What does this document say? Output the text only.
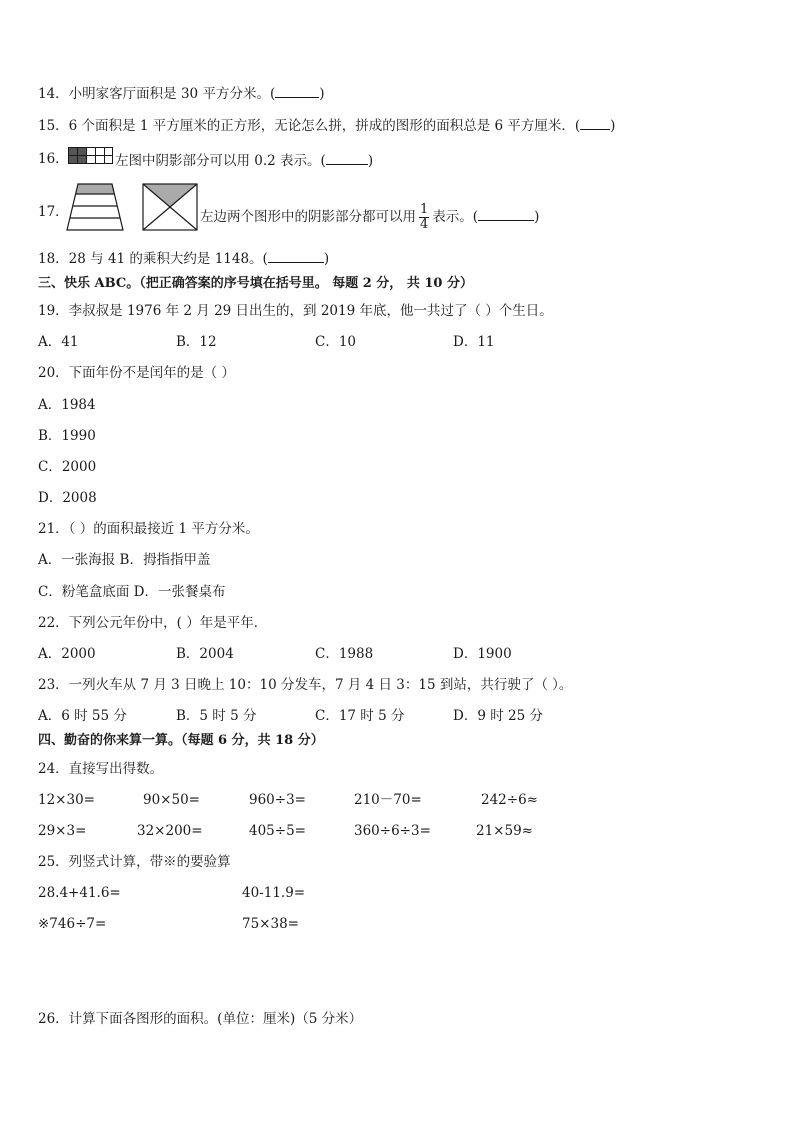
14．小明家客厅面积是 30 平方分米。(	)
15．6 个面积是 1 平方厘米的正方形，无论怎么拼，拼成的图形的面积总是 6 平方厘米．( )
16．	左图中阴影部分可以用 0.2 表示。(	)
17．	左边两个图形中的阴影部分都可以用 $\frac{1}{4}$ 表示。(	)
18．28 与 41 的乘积大约是 1148。(	)
三、快乐 ABC。（把正确答案的序号填在括号里。 每题 2 分， 共 10 分）
19．李叔叔是 1976 年 2 月 29 日出生的，到 2019 年底，他一共过了（ ）个生日。
A．41	B．12	C．10	D．11
20．下面年份不是闰年的是（ ）
A．1984
B．1990
C．2000
D．2008
21．（ ）的面积最接近 1 平方分米。
A．一张海报 B．拇指指甲盖
C．粉笔盒底面 D．一张餐桌布
22．下列公元年份中，( ）年是平年．
A．2000	B．2004	C．1988	D．1900
23．一列火车从 7 月 3 日晚上 10：10 分发车，7 月 4 日 3：15 到站，共行驶了（ ）。
A．6 时 55 分	B．5 时 5 分	C．17 时 5 分	D．9 时 25 分
四、勤奋的你来算一算。（每题 6 分，共 18 分）
24．直接写出得数。
12×30=	90×50=	960÷3=	210－70=	242÷6≈
29×3=	32×200=	405÷5=	360÷6÷3=	21×59≈
25．列竖式计算，带※的要验算
28.4+41.6=	40-11.9=
※746÷7=	75×38=
26．计算下面各图形的面积。(单位：厘米)（5 分米）
